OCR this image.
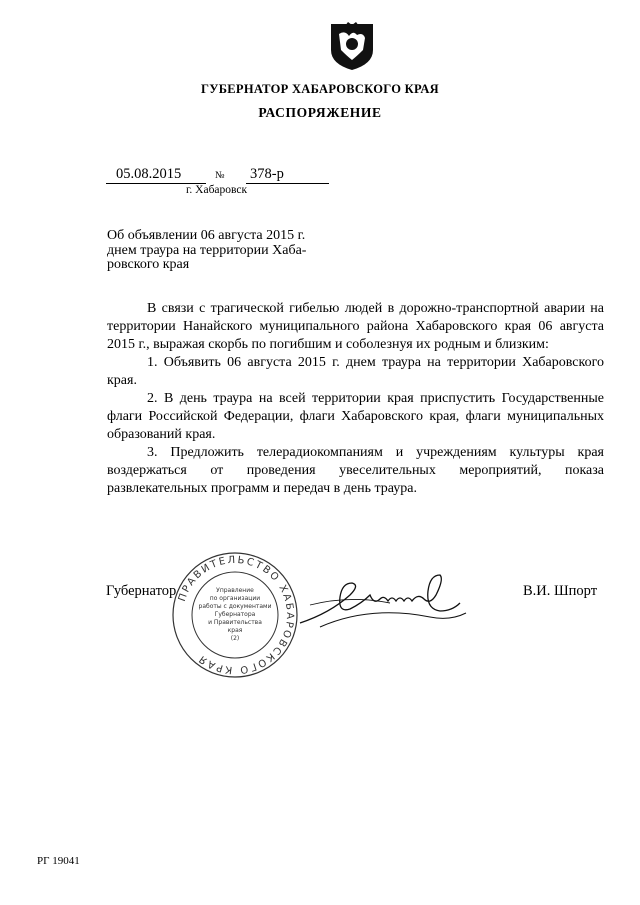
ГУБЕРНАТОР ХАБАРОВСКОГО КРАЯ
РАСПОРЯЖЕНИЕ
05.08.2015	№ 378-р
г. Хабаровск
Об объявлении 06 августа 2015 г.
днем траура на территории Хаба-
ровского края

В связи с трагической гибелью людей в дорожно-транспортной аварии на территории Нанайского муниципального района Хабаровского края 06 августа 2015 г., выражая скорбь по погибшим и соболезнуя их родным и близким:

1. Объявить 06 августа 2015 г. днем траура на территории Хабаровского края.

2. В день траура на всей территории края приспустить Государственные флаги Российской Федерации, флаги Хабаровского края, флаги муниципальных образований края.

3. Предложить телерадиокомпаниям и учреждениям культуры края воздержаться от проведения увеселительных мероприятий, показа развлекательных программ и передач в день траура.

Губернатор ПРАВИТЕЛЬСТВО ХАБАРОВСКОГО КРАЯ
Управление
по организации
работы с документами
Губернатора
и Правительства
края
(2)
В.И. Шпорт
РГ 19041
